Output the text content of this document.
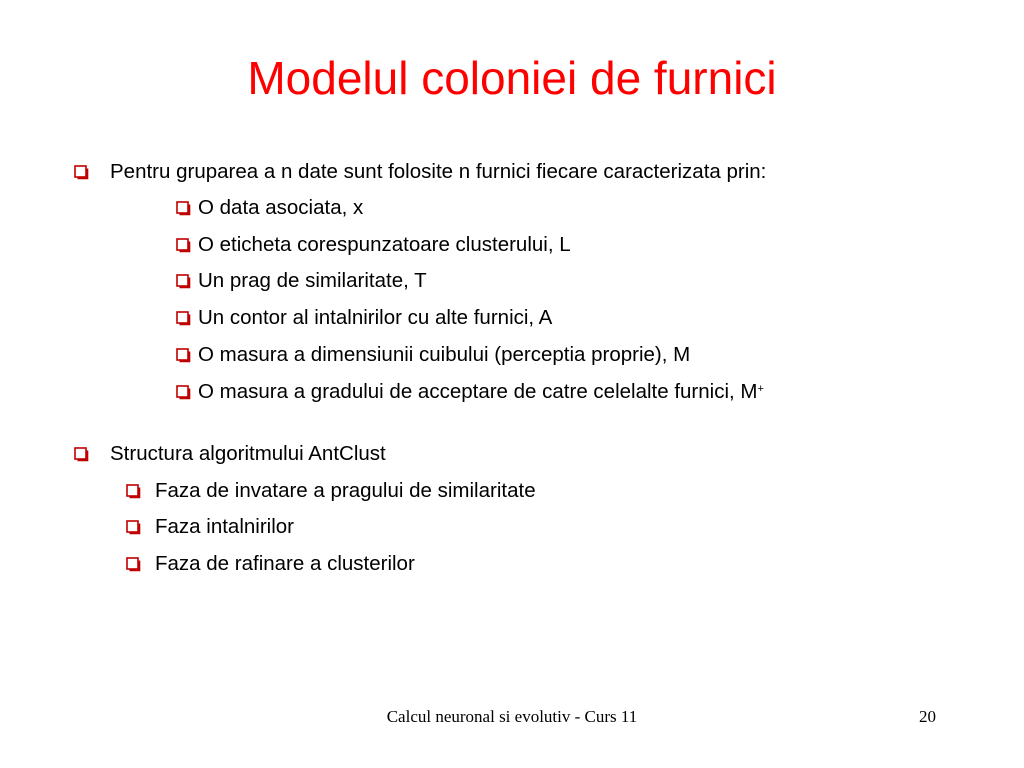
Modelul coloniei de furnici
Pentru gruparea a n date sunt folosite n furnici fiecare caracterizata prin:
O data asociata, x
O eticheta corespunzatoare clusterului, L
Un prag de similaritate, T
Un contor al intalnirilor cu alte furnici, A
O masura a dimensiunii cuibului (perceptia proprie), M
O masura a gradului de acceptare de catre celelalte furnici, M+
Structura algoritmului AntClust
Faza de invatare a pragului de similaritate
Faza intalnirilor
Faza de rafinare a clusterilor
Calcul neuronal si evolutiv - Curs 11	20
